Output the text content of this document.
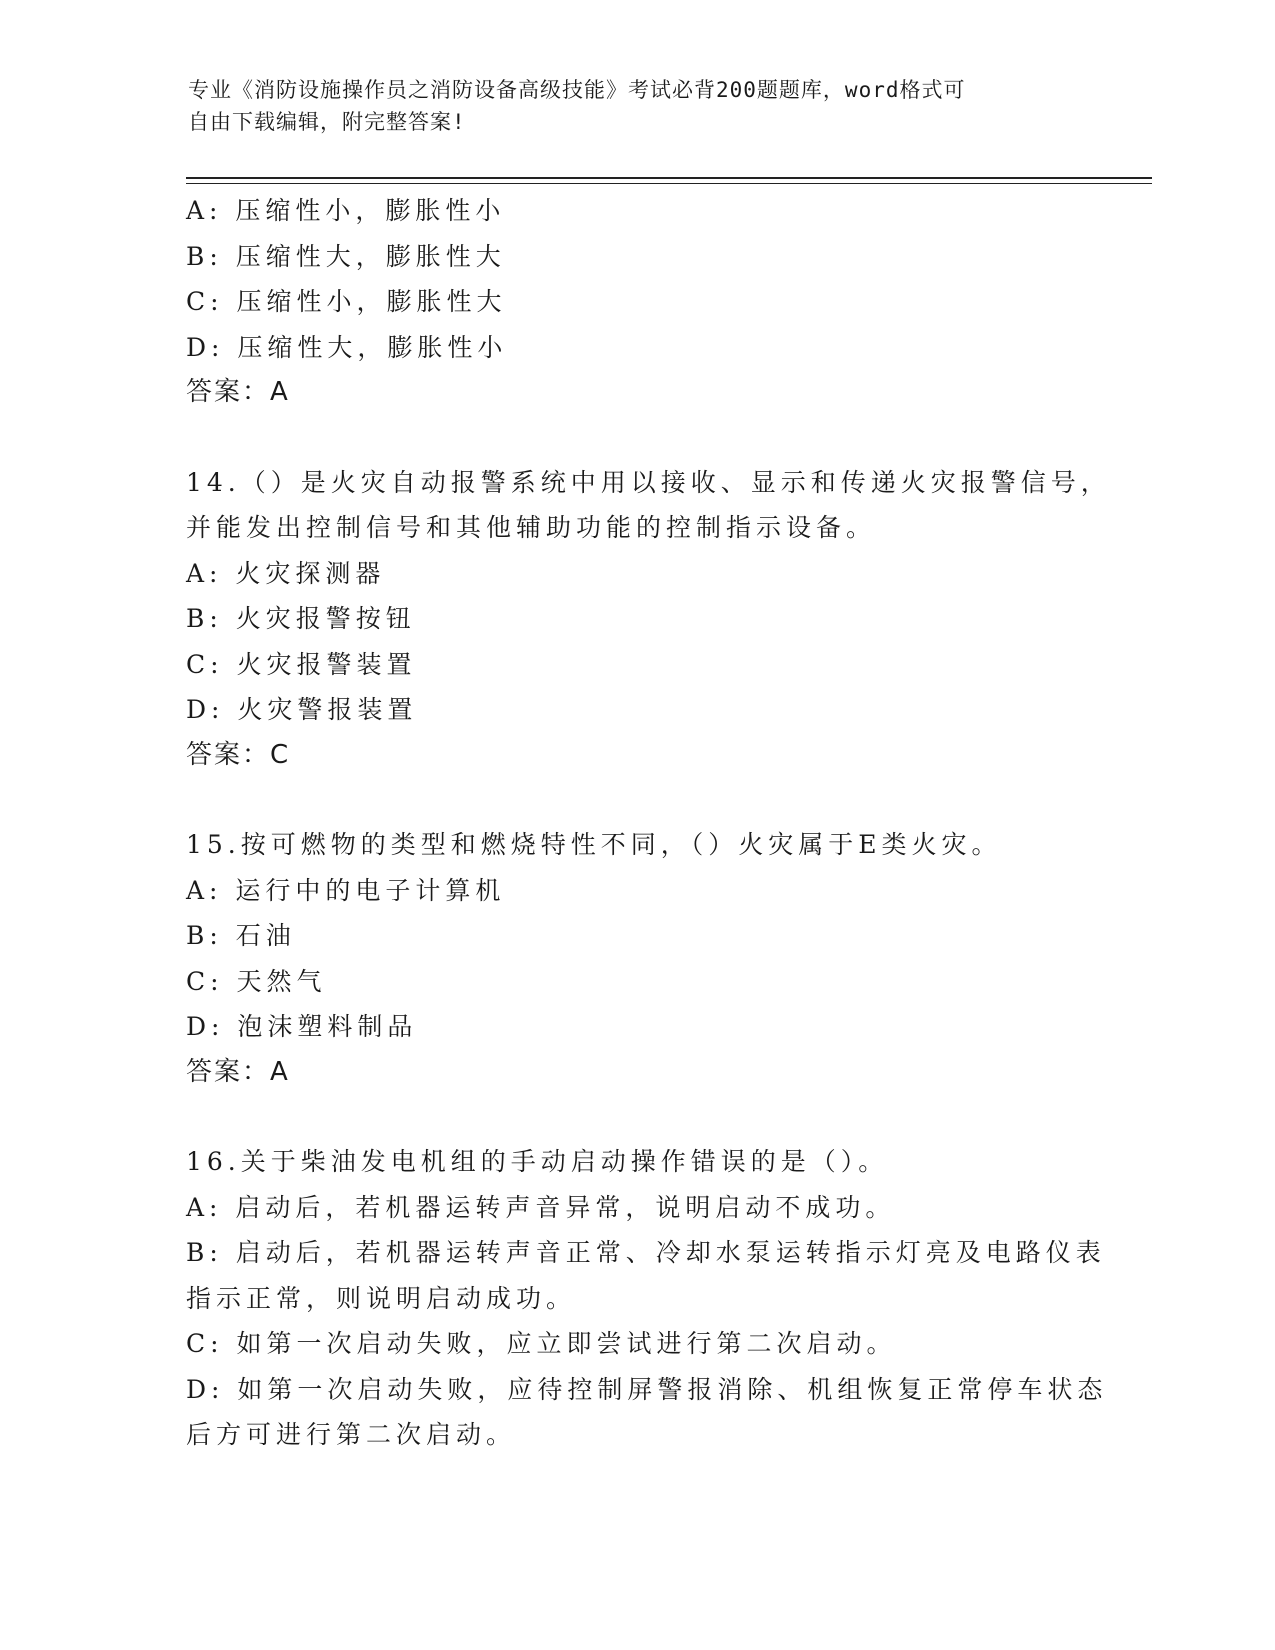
专业《消防设施操作员之消防设备高级技能》考试必背200题题库，word格式可
自由下载编辑，附完整答案!
A: 压缩性小，膨胀性小
B: 压缩性大，膨胀性大
C: 压缩性小，膨胀性大
D: 压缩性大，膨胀性小
答案：A
14.（）是火灾自动报警系统中用以接收、显示和传递火灾报警信号，
并能发出控制信号和其他辅助功能的控制指示设备。
A: 火灾探测器
B: 火灾报警按钮
C: 火灾报警装置
D: 火灾警报装置
答案：C
15.按可燃物的类型和燃烧特性不同，（）火灾属于E类火灾。
A: 运行中的电子计算机
B: 石油
C: 天然气
D: 泡沫塑料制品
答案：A
16.关于柴油发电机组的手动启动操作错误的是（）。
A: 启动后，若机器运转声音异常，说明启动不成功。
B: 启动后，若机器运转声音正常、冷却水泵运转指示灯亮及电路仪表
指示正常，则说明启动成功。
C: 如第一次启动失败，应立即尝试进行第二次启动。
D: 如第一次启动失败，应待控制屏警报消除、机组恢复正常停车状态
后方可进行第二次启动。
